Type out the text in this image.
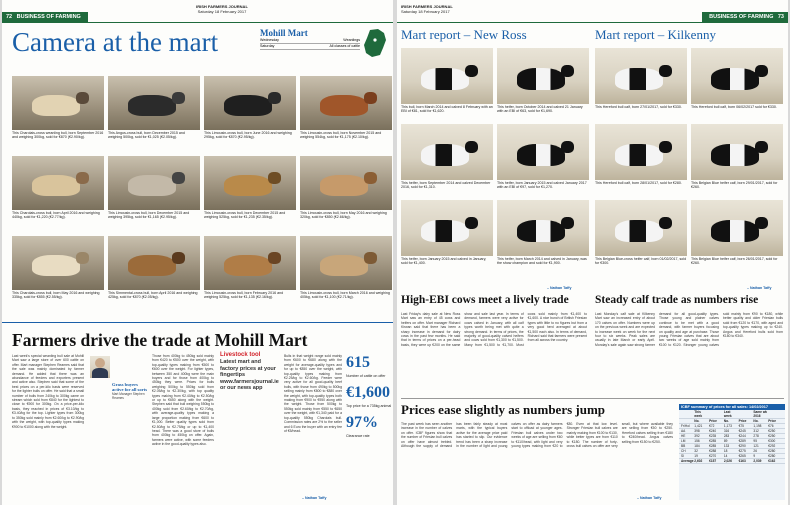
72 BUSINESS OF FARMING
IRISH FARMERS JOURNAL
Saturday 18 February 2017
Camera at the mart	Mohill Mart
Wednesday	Weanlings
Saturday	All classes of cattle
This Charolais-cross weanling bull, born September 2016 and weighing 300kg, sold for €870 (€2.90/kg).
This Angus-cross bull, born December 2015 and weighing 500kg, sold for €1,025 (€2.05/kg).
This Limousin-cross bull, born June 2016 and weighing 295kg, sold for €870 (€2.95/kg).
This Limousin-cross bull, born November 2015 and weighing 554kg, sold for €1,175 (€2.10/kg).
This Charolais-cross bull, born April 2016 and weighing 440kg, sold for €1,220 (€2.77/kg).
This Limousin-cross bull, born December 2015 and weighing 395kg, sold for €1,165 (€2.95/kg).
This Limousin-cross bull, born December 2015 and weighing 525kg, sold for €1,235 (€2.35/kg).
This Limousin-cross bull, born May 2016 and weighing 320kg, sold for €850 (€2.66/kg).
This Charolais-cross bull, born May 2016 and weighing 335kg, sold for €855 (€2.55/kg).
This Simmental-cross bull, born April 2016 and weighing 425kg, sold for €870 (€2.05/kg).
This Limousin-cross bull, born February 2016 and weighing 525kg, sold for €1,135 (€2.16/kg).
This Limousin-cross bull, born March 2016 and weighing 405kg, sold for €1,100 (€2.71/kg).
Farmers drive the trade at Mohill Mart
Last week's special weanling bull sale at Mohill Mart saw a large store of over 600 cattle on offer. Mart manager Stephen Reames said that the sale was mainly dominated by farmer demand. He added that there was an abundance of feeders and exporters present and active also. Stephen said that some of the best prices on a per-kilo basis were reserved for the lighter bulls on offer. He said that a small number of bulls from 240kg to 300kg came on stream which sold from €840 for the lightest to close to €900 for 300kg. On a price-per-kilo basis, they reached in prices of €3.10/kg to €3.40/kg for the top. Lighter types from 300kg to 350kg sold mainly from €2.60/kg to €2.90/kg with the weight, with top-quality types making €900 to €1000 along with the weight.
Grass buyers active for all sorts
Mart Manager Stephen Reames
Those from 400kg to 450kg sold mainly from €420 to €500 over the weight, with top-quality types making from €500 to €600 over the weight. For lighter types, between 350 and 400kg were the main buyers and for those from 400kg to 450kg they were. Prices for bulls weighing 500kg to 550kg sold from €2.05/kg to €2.30/kg, with top quality types making from €2.40/kg to €2.50/kg or up to €650 along with the weight. Stephen said that bull weighing 550kg to 400kg sold from €2.60/kg to €2.70/kg, with average-quality types making a large proportion making from €600 to €1,000. Better quality types sold from €2.50/kg to €2.75/kg or up to €1,400 head. There was a good store of bulls from 400kg to 450kg on offer. Again, farmers were active, with some feeders active in the good-quality types also.
Livestock tool
Latest mart and factory prices at your fingertips www.farmersjournal.ie or our news app
Bulls in that weight range sold mainly from €600 to €680 along with the weight for average-quality types and for up to €850 over the weight, with top-quality types making from €2.25/kg to €2.60/kg. Feeder were very active for all good-quality beef bulls, with those from 490kg to 500kg selling mainly from €800 to €880 over the weight, with top-quality types both making from €900 to €950 along with the weight. Those from 500kg to 550kg sold mainly from €550 to €650 over the weight, with €1,340 paid for a top-quality 550kg Charolais bull. Commission rates are 2% to the seller and 6 Euro the buyer with an entry fee of €5/head.
615
Number of cattle on offer
€1,600
Top price for a 735kg animal
97%
Clearance rate
– Nathan Taffy
IRISH FARMERS JOURNAL
Saturday 18 February 2017
BUSINESS OF FARMING 73
Mart report – New Ross	Mart report – Kilkenny
This bull, born March 2014 and calved 8 February with an EBI of €81, sold for €1,620.
This heifer, born October 2014 and calved 21 January with an EBI of €63, sold for €1,690.
This heifer, born September 2014 and calved December 2016, sold for €1,310.
This heifer, born January 2015 and calved January 2017 with an EBI of €97, sold for €1,270.
This heifer, born January 2015 and calved in January, sold for €1,400.
This heifer, born March 2014 and calved in January, was the show champion and sold for €1,900.
This Hereford bull calf, born 27/01/2017, sold for €330.	This Hereford bull calf, born 06/02/2017 sold for €330.
This Hereford bull calf, born 28/01/2017, sold for €280.	This Belgian Blue heifer calf, born 29/01/2017, sold for €260.
This Belgian Blue-cross heifer calf, born 01/02/2017, sold for €300.
This Belgian Blue heifer calf, born 26/01/2017, sold for €260.
– Nathan Taffy	– Nathan Taffy
High-EBI cows meet a lively trade
Last Friday's dairy sale at New Ross Mart saw an entry of 45 cows and heifers on offer. Mart manager Richard Kirwan said that there has been a sharp increase in demand for dairy cows in the past few months. He said that in terms of prices on a per-head basis, they were up €200 on the same show and sale last year. In terms of demand, farmers were very active for cows calved in January, with all calf types worth being met with quite a strong demand. In terms of prices, the majority of good-quality calved heifers and cows sold from €1,300 to €1,500. Many from €1,500 to €1,700. Most cows sold mainly from €1,400 to €1,600. A nice bunch of British Friesian types with little to no figures but from a very good herd averaged at about €1,500 each also. In terms of demand, Richard said that farmers were present from all across the country.
Steady calf trade as numbers rise
Last Monday's calf sale at Kilkenny Mart saw an increased entry of about 170 calves on offer. Numbers were up on the previous week and are expected to increase week on week for the next four to six weeks. Peak sales are usually in late March or early April. Monday's sale again saw strong farmer demand for all good-quality types. Those young and plainer calves continue to be met with a good demand, with farmer buyers focusing on quality and age at purchase. Those young Friesian calves that are about two weeks of age sold mainly from €100 to €120. Stronger young calves sold mainly from €90 to €180, while better quality and older Friesian bulls sold from €120 to €170, with aged and top-quality types making up to €240. Angus and Hereford bulls sold from €180 to €340.
Prices ease slightly as numbers jump
The past week has seen another increase in the number of calves on offer. ICBF figures show that the number of Friesian bull calves on offer have almost trebled. Although the supply of demand has been fairly steady at most marts, with the typical buyers active for the average price paid has started to slip. Our evidence trend has been a sharp increase in the number of light and young calves on offer as dairy farmers start to offload at younger ages. Friesian bull calves under two weeks of age are selling from €60 to €110/head, with light and very young types making from €20 to €80. Even at that low level. Stronger Friesian bull calves are mainly making from €100 to €130, while better types are from €110 to €180. The number of forty-cross bull calves on offer are very small, but where available they are selling from €50 to €250. Hereford calves selling from €180 to €240/head. Angus calves selling from €150 to €250.
ICBF summary of prices for all sales: 14/02/2017
This week
Last week
Same wk 2016
No.	Price	No.	Price	No.	Price
Fr/Hol	1,421	€72	1,173	€75	1,198	€76
AA	398	€240	316	€245	312	€250
HE	392	€235	283	€244	278	€250
LM	156	€285	89	€289	95	€300
BB	184	€285	133	€290	121	€292
CH	32	€288	18	€275	26	€280
SI	19	€270	14	€265	9	€280
Average 2,602	€157	2,026	€163	2,039	€162
– Nathan Taffy
